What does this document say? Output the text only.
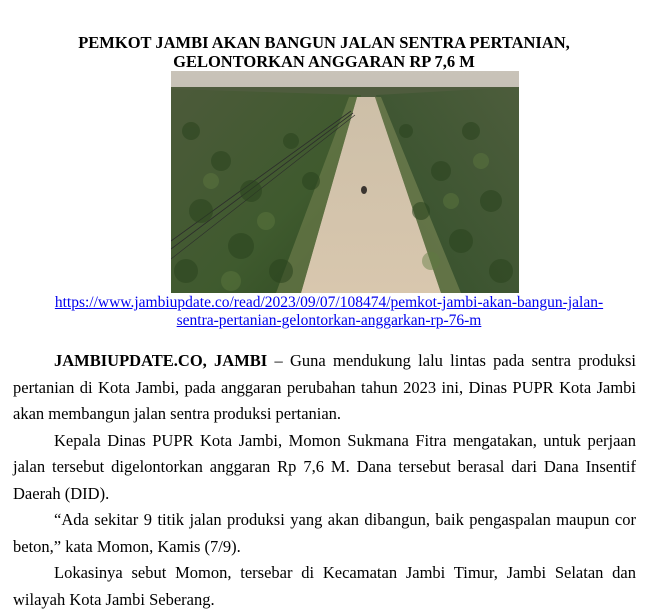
PEMKOT JAMBI AKAN BANGUN JALAN SENTRA PERTANIAN,
GELONTORKAN ANGGARAN RP 7,6 M
https://www.jambiupdate.co/read/2023/09/07/108474/pemkot-jambi-akan-bangun-jalan-
sentra-pertanian-gelontorkan-anggarkan-rp-76-m

JAMBIUPDATE.CO, JAMBI – Guna mendukung lalu lintas pada sentra produksi pertanian di Kota Jambi, pada anggaran perubahan tahun 2023 ini, Dinas PUPR Kota Jambi akan membangun jalan sentra produksi pertanian.

Kepala Dinas PUPR Kota Jambi, Momon Sukmana Fitra mengatakan, untuk perjaan jalan tersebut digelontorkan anggaran Rp 7,6 M. Dana tersebut berasal dari Dana Insentif Daerah (DID).

“Ada sekitar 9 titik jalan produksi yang akan dibangun, baik pengaspalan maupun cor beton,” kata Momon, Kamis (7/9).

Lokasinya sebut Momon, tersebar di Kecamatan Jambi Timur, Jambi Selatan dan wilayah Kota Jambi Seberang.
